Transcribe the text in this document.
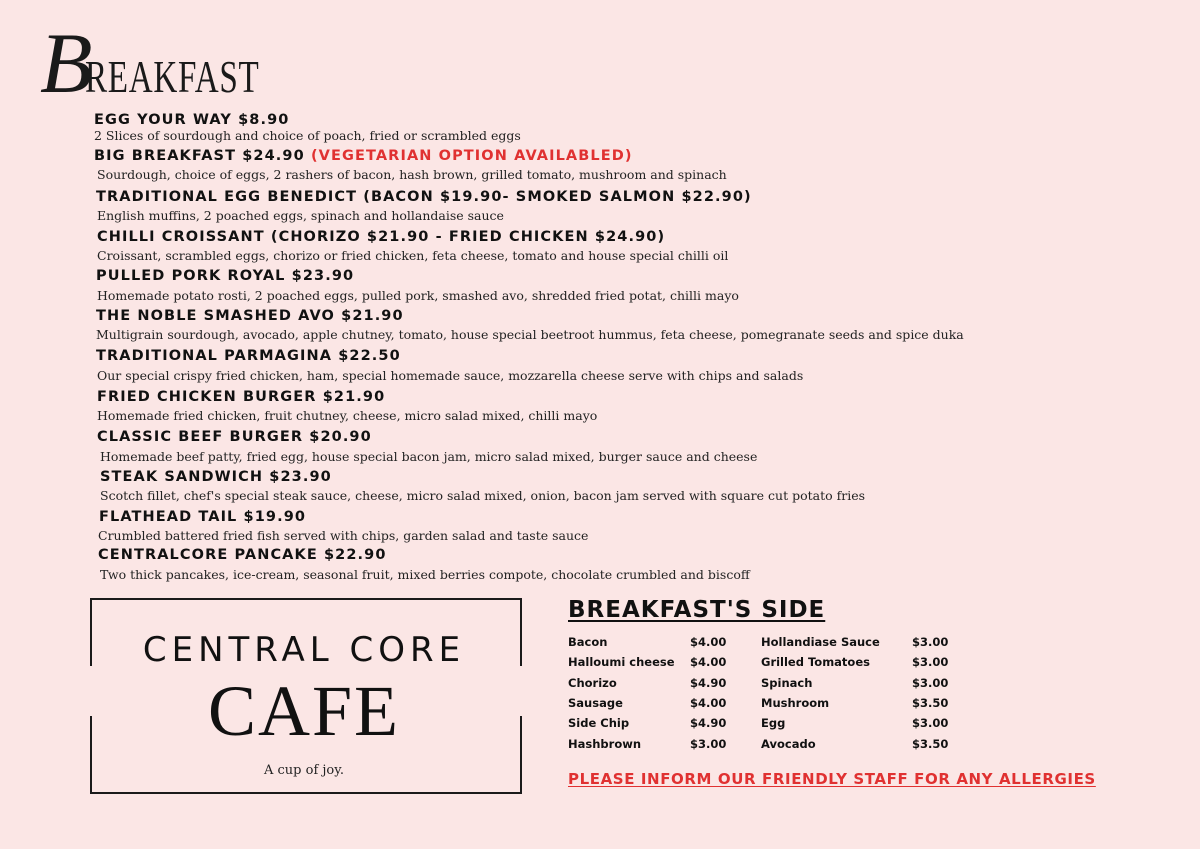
B
REAKFAST
EGG YOUR WAY $8.90
2 Slices of sourdough and choice of poach, fried or scrambled eggs
BIG BREAKFAST $24.90 (VEGETARIAN OPTION AVAILABLED)
Sourdough, choice of eggs, 2 rashers of bacon, hash brown, grilled tomato, mushroom and spinach
TRADITIONAL EGG BENEDICT (BACON $19.90- SMOKED SALMON $22.90)
English muffins, 2 poached eggs, spinach and hollandaise sauce
CHILLI CROISSANT (CHORIZO $21.90 - FRIED CHICKEN $24.90)
Croissant, scrambled eggs, chorizo or fried chicken, feta cheese, tomato and house special chilli oil
PULLED PORK ROYAL $23.90
Homemade potato rosti, 2 poached eggs, pulled pork, smashed avo, shredded fried potat, chilli mayo
THE NOBLE SMASHED AVO $21.90
Multigrain sourdough, avocado, apple chutney, tomato, house special beetroot hummus, feta cheese, pomegranate seeds and spice duka
TRADITIONAL PARMAGINA $22.50
Our special crispy fried chicken, ham, special homemade sauce, mozzarella cheese serve with chips and salads
FRIED CHICKEN BURGER $21.90
Homemade fried chicken, fruit chutney, cheese, micro salad mixed, chilli mayo
CLASSIC BEEF BURGER $20.90
Homemade beef patty, fried egg, house special bacon jam, micro salad mixed, burger sauce and cheese
STEAK SANDWICH $23.90
Scotch fillet, chef's special steak sauce, cheese, micro salad mixed, onion, bacon jam served with square cut potato fries
FLATHEAD TAIL $19.90
Crumbled battered fried fish served with chips, garden salad and taste sauce
CENTRALCORE PANCAKE $22.90
Two thick pancakes, ice-cream, seasonal fruit, mixed berries compote, chocolate crumbled and biscoff
CENTRAL CORE
CAFE
A cup of joy.
BREAKFAST'S SIDE
Bacon	$4.00
Halloumi cheese $4.00
Chorizo	$4.90
Sausage	$4.00
Side Chip	$4.90
Hashbrown	$3.00
Hollandiase Sauce	$3.00
Grilled Tomatoes	$3.00
Spinach	$3.00
Mushroom	$3.50
Egg	$3.00
Avocado	$3.50
PLEASE INFORM OUR FRIENDLY STAFF FOR ANY ALLERGIES
